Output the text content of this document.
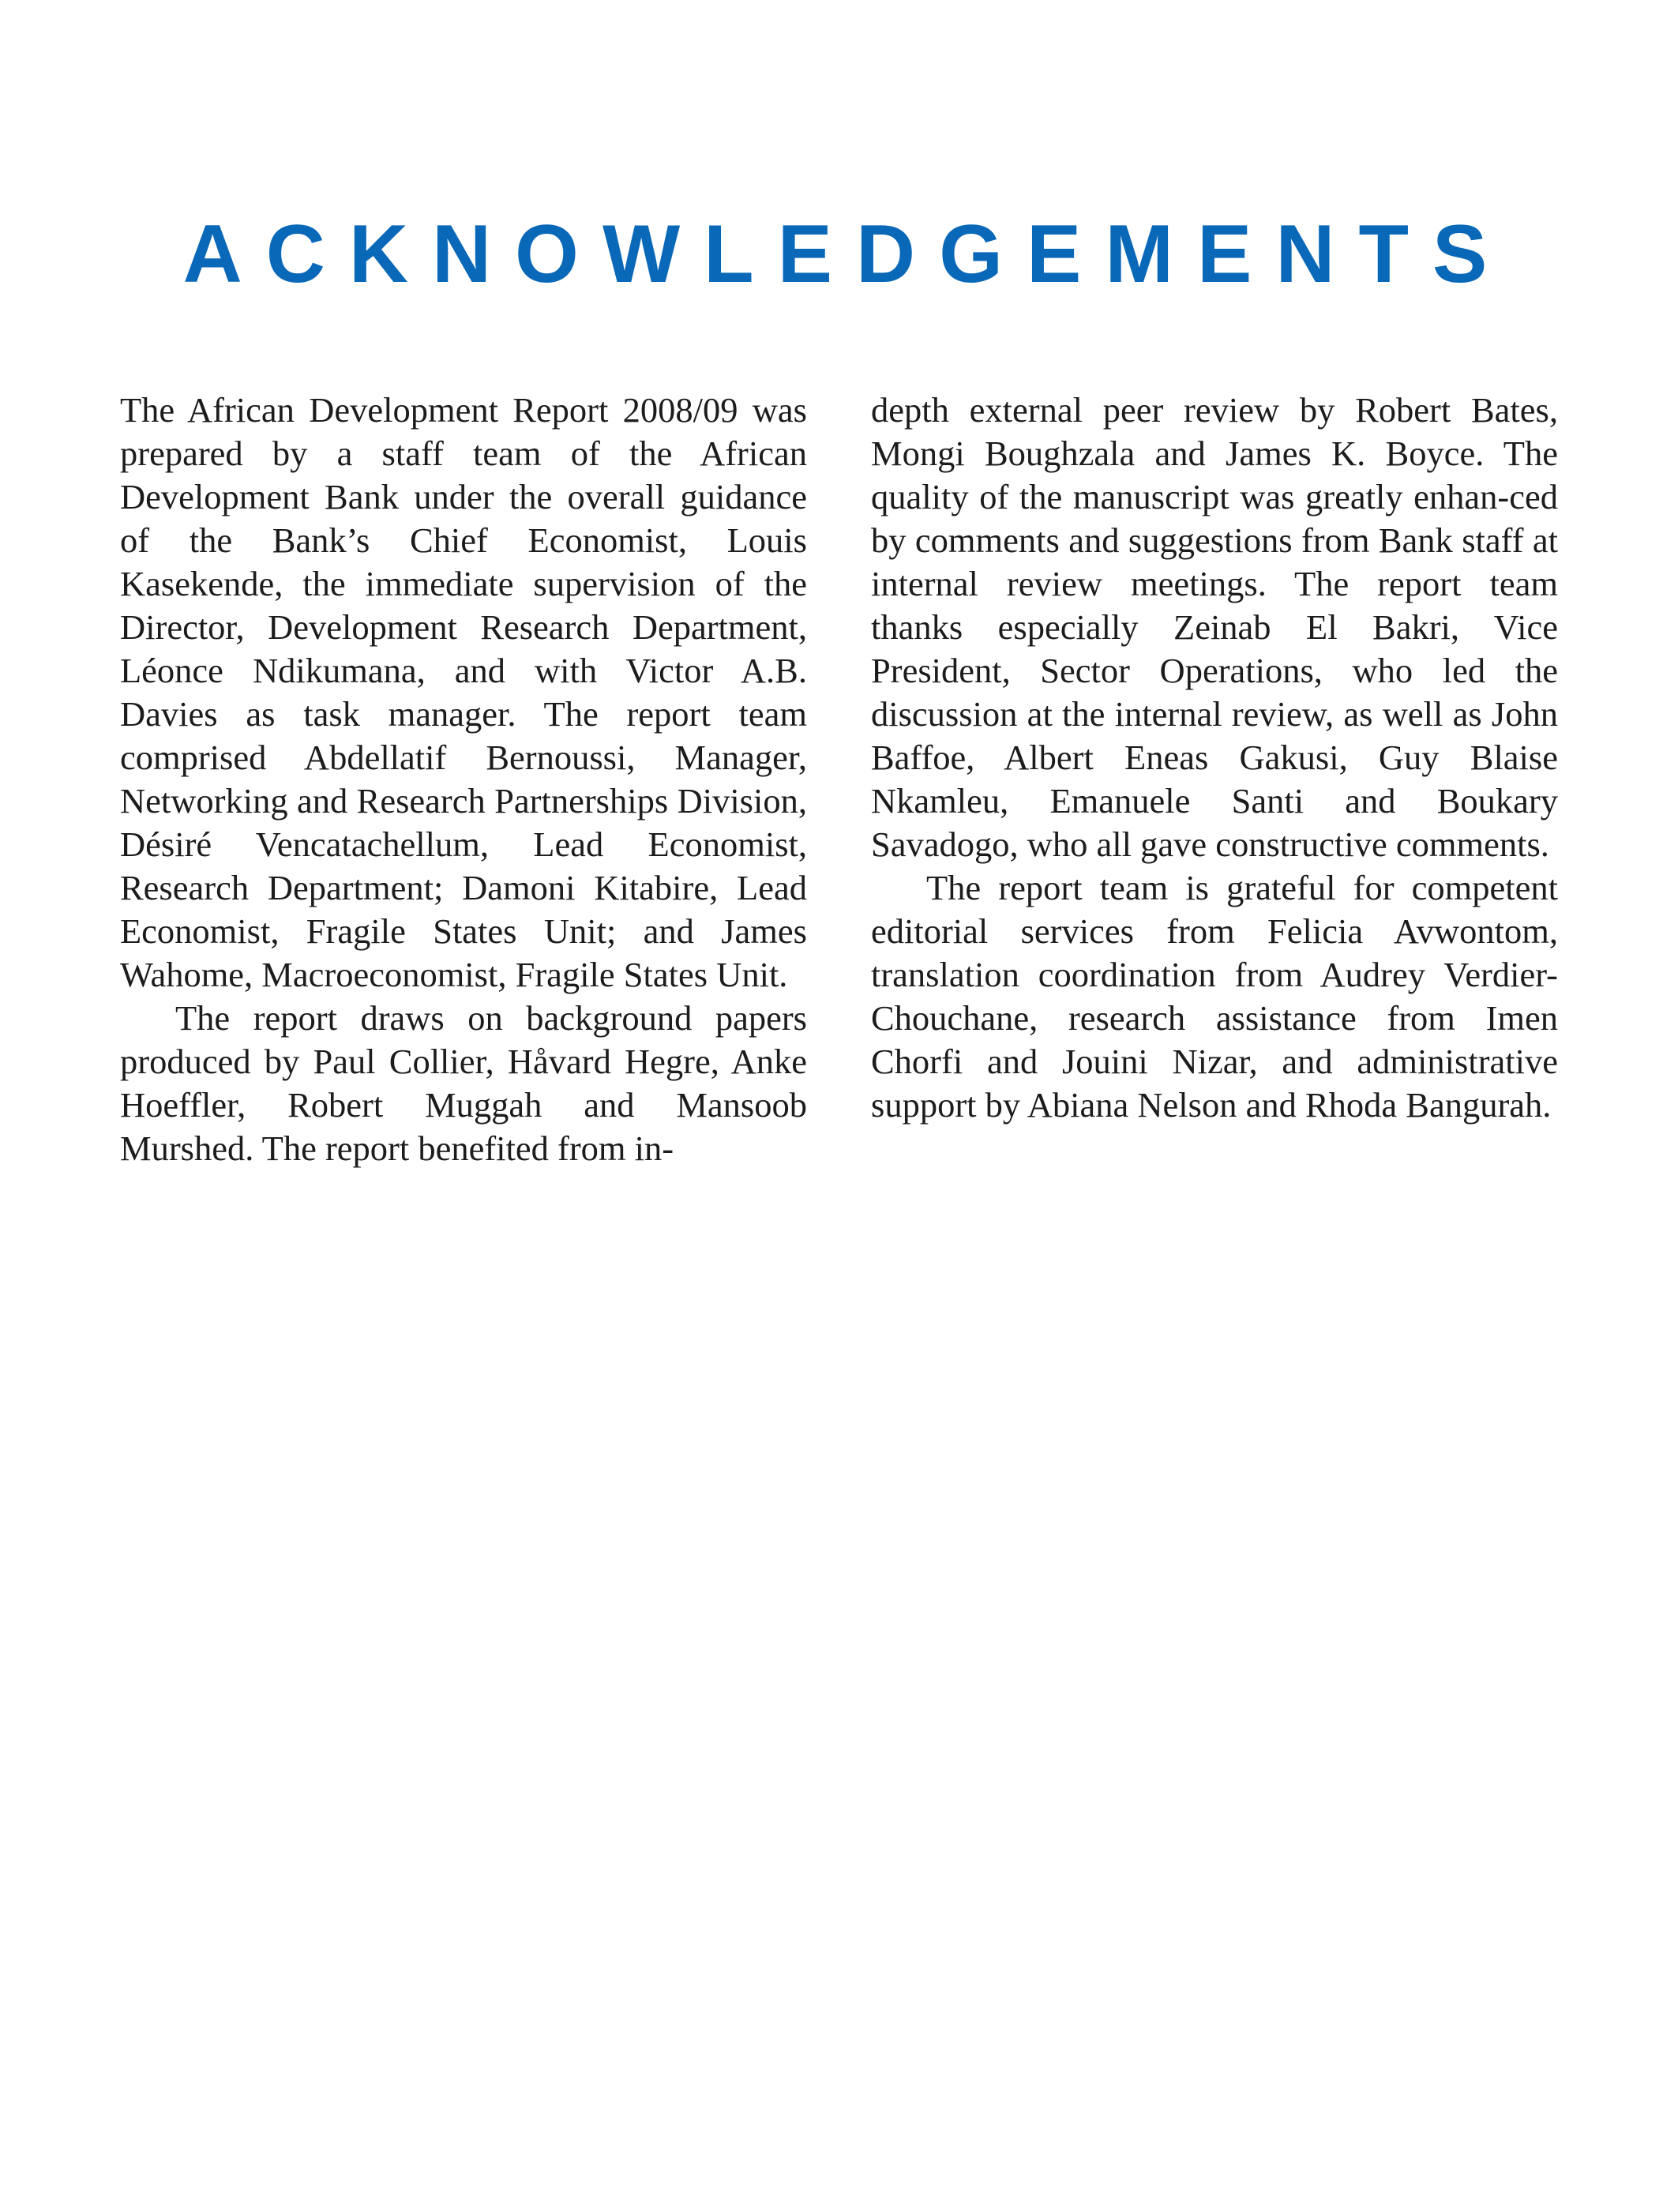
ACKNOWLEDGEMENTS

The African Development Report 2008/09 was prepared by a staff team of the African Development Bank under the overall guidance of the Bank’s Chief Economist, Louis Kasekende, the immediate supervision of the Director, Development Research Department, Léonce Ndikumana, and with Victor A.B. Davies as task manager. The report team comprised Abdellatif Bernoussi, Manager, Networking and Research Partnerships Division, Désiré Vencatachellum, Lead Economist, Research Department; Damoni Kitabire, Lead Economist, Fragile States Unit; and James Wahome, Macroeconomist, Fragile States Unit.

The report draws on background papers produced by Paul Collier, Håvard Hegre, Anke Hoeffler, Robert Muggah and Mansoob Murshed. The report benefited from in-

depth external peer review by Robert Bates, Mongi Boughzala and James K. Boyce. The quality of the manuscript was greatly enhan-ced by comments and suggestions from Bank staff at internal review meetings. The report team thanks especially Zeinab El Bakri, Vice President, Sector Operations, who led the discussion at the internal review, as well as John Baffoe, Albert Eneas Gakusi, Guy Blaise Nkamleu, Emanuele Santi and Boukary Savadogo, who all gave constructive comments.

The report team is grateful for competent editorial services from Felicia Avwontom, translation coordination from Audrey Verdier-Chouchane, research assistance from Imen Chorfi and Jouini Nizar, and administrative support by Abiana Nelson and Rhoda Bangurah.
